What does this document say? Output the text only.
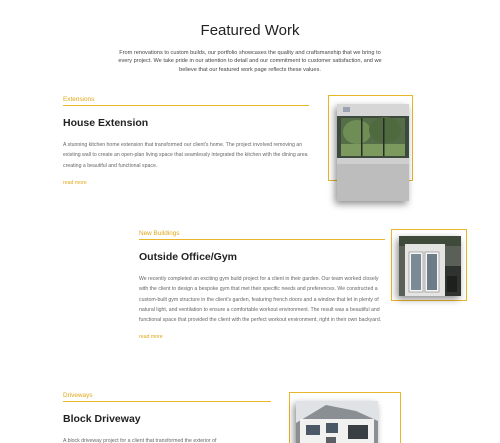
Featured Work

From renovations to custom builds, our portfolio showcases the quality and craftsmanship that we bring to every project. We take pride in our attention to detail and our commitment to customer satisfaction, and we believe that our featured work page reflects these values.

Extensions
House Extension

A stunning kitchen home extension that transformed our client's home. The project involved removing an existing wall to create an open-plan living space that seamlessly integrated the kitchen with the dining area creating a beautiful and functional space.

read more
New Buildings
Outside Office/Gym

We recently completed an exciting gym build project for a client in their garden. Our team worked closely with the client to design a bespoke gym that met their specific needs and preferences. We constructed a custom-built gym structure in the client's garden, featuring french doors and a window that let in plenty of natural light, and ventilation to ensure a comfortable workout environment. The result was a beautiful and functional space that provided the client with the perfect workout environment, right in their own backyard.

read more
Driveways
Block Driveway

A block driveway project for a client that transformed the exterior of
